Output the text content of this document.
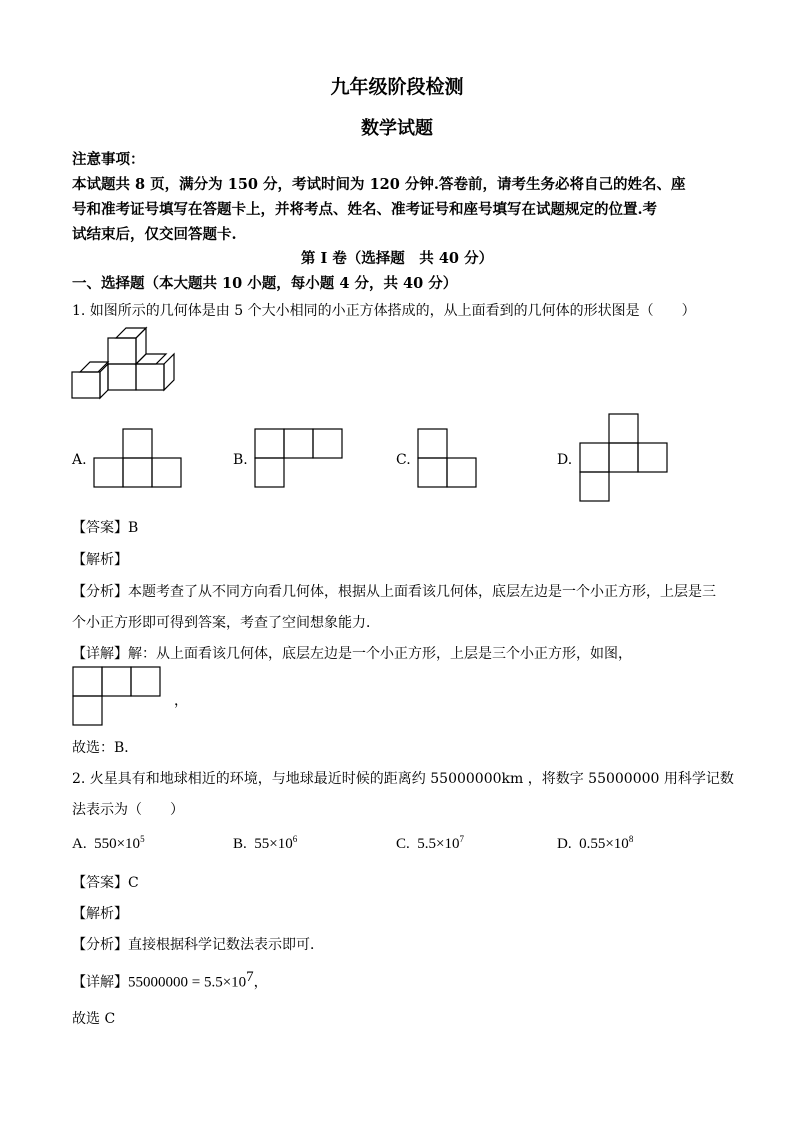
九年级阶段检测
数学试题
注意事项：
本试题共 8 页，满分为 150 分，考试时间为 120 分钟.答卷前，请考生务必将自己的姓名、座
号和准考证号填写在答题卡上，并将考点、姓名、准考证号和座号填写在试题规定的位置.考
试结束后，仅交回答题卡.
第 I 卷（选择题　共 40 分）
一、选择题（本大题共 10 小题，每小题 4 分，共 40 分）
1. 如图所示的几何体是由 5 个大小相同的小正方体搭成的，从上面看到的几何体的形状图是（　　）
A.	B.	C.	D.
【答案】B
【解析】
【分析】本题考查了从不同方向看几何体，根据从上面看该几何体，底层左边是一个小正方形，上层是三
个小正方形即可得到答案，考查了空间想象能力．
【详解】解：从上面看该几何体，底层左边是一个小正方形，上层是三个小正方形，如图，
，
故选：B．
2. 火星具有和地球相近的环境，与地球最近时候的距离约 55000000km ，将数字 55000000 用科学记数
法表示为（　　）
A. $550\times 10^5$	B. $55\times 10^6$	C. $5.5\times 10^7$	D. $0.55\times 10^8$
【答案】C
【解析】
【分析】直接根据科学记数法表示即可．
【详解】$55000000 = 5.5\times 10^7$，
故选 C
